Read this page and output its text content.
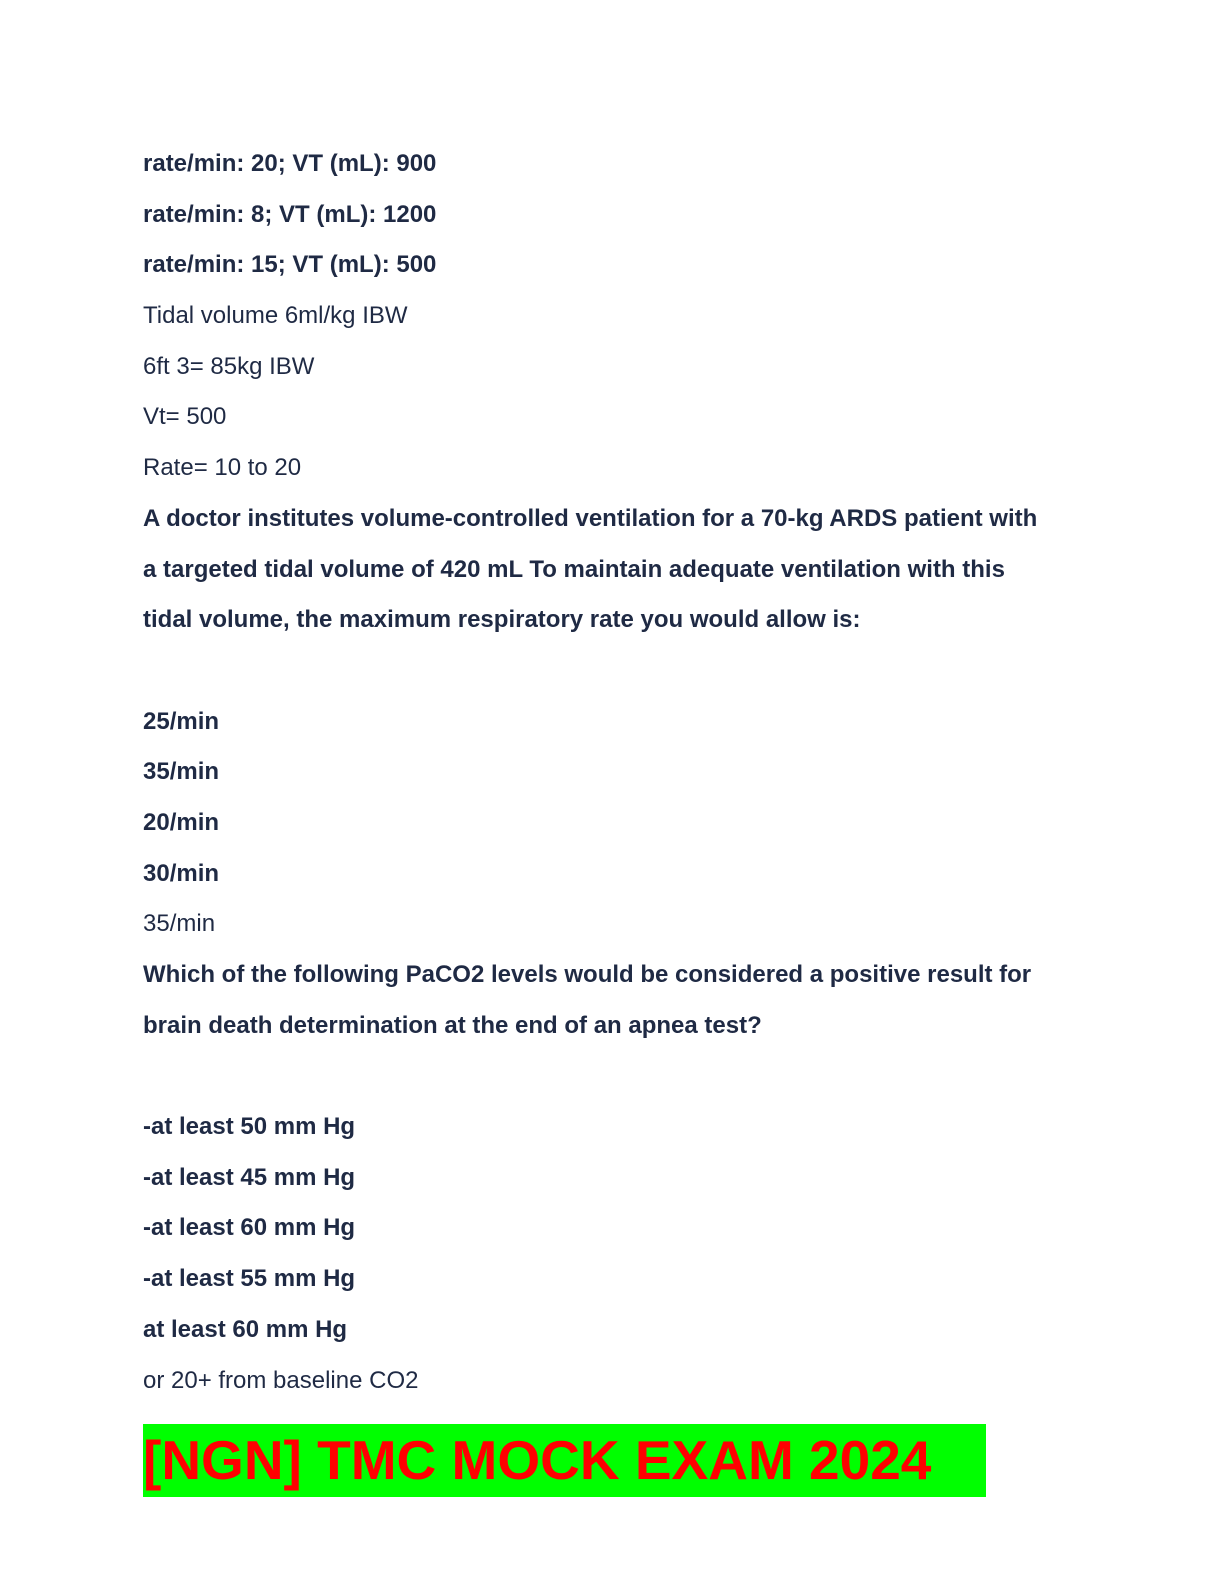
rate/min: 20; VT (mL): 900
rate/min: 8; VT (mL): 1200
rate/min: 15; VT (mL): 500
Tidal volume 6ml/kg IBW
6ft 3= 85kg IBW
Vt= 500
Rate= 10 to 20
A doctor institutes volume-controlled ventilation for a 70-kg ARDS patient with
a targeted tidal volume of 420 mL To maintain adequate ventilation with this
tidal volume, the maximum respiratory rate you would allow is:
25/min
35/min
20/min
30/min
35/min
Which of the following PaCO2 levels would be considered a positive result for
brain death determination at the end of an apnea test?
-at least 50 mm Hg
-at least 45 mm Hg
-at least 60 mm Hg
-at least 55 mm Hg
at least 60 mm Hg
or 20+ from baseline CO2
[NGN] TMC MOCK EXAM 2024
